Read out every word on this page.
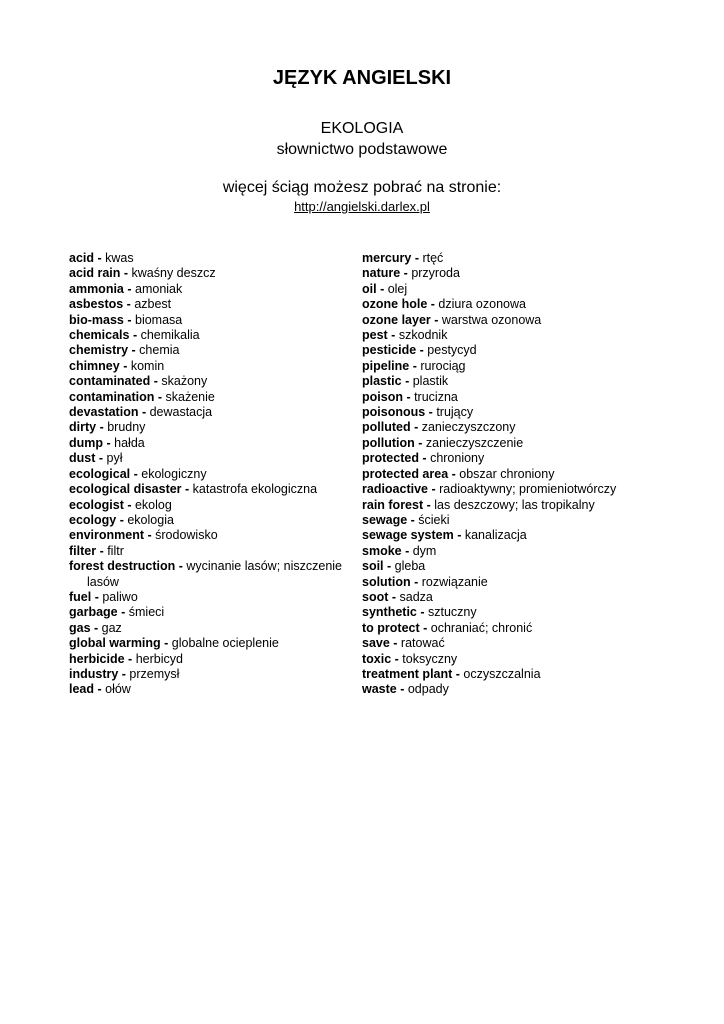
JĘZYK ANGIELSKI

EKOLOGIA

słownictwo podstawowe

więcej ściąg możesz pobrać na stronie:

http://angielski.darlex.pl
acid - kwas
acid rain - kwaśny deszcz
ammonia - amoniak
asbestos - azbest
bio-mass - biomasa
chemicals - chemikalia
chemistry - chemia
chimney - komin
contaminated - skażony
contamination - skażenie
devastation - dewastacja
dirty - brudny
dump - hałda
dust - pył
ecological - ekologiczny
ecological disaster - katastrofa ekologiczna
ecologist - ekolog
ecology - ekologia
environment - środowisko
filter - filtr
forest destruction - wycinanie lasów; niszczenie
lasów
fuel - paliwo
garbage - śmieci
gas - gaz
global warming - globalne ocieplenie
herbicide - herbicyd
industry - przemysł
lead - ołów
mercury - rtęć
nature - przyroda
oil - olej
ozone hole - dziura ozonowa
ozone layer - warstwa ozonowa
pest - szkodnik
pesticide - pestycyd
pipeline - rurociąg
plastic - plastik
poison - trucizna
poisonous - trujący
polluted - zanieczyszczony
pollution - zanieczyszczenie
protected - chroniony
protected area - obszar chroniony
radioactive - radioaktywny; promieniotwórczy
rain forest - las deszczowy; las tropikalny
sewage - ścieki
sewage system - kanalizacja
smoke - dym
soil - gleba
solution - rozwiązanie
soot - sadza
synthetic - sztuczny
to protect - ochraniać; chronić
save - ratować
toxic - toksyczny
treatment plant - oczyszczalnia
waste - odpady
